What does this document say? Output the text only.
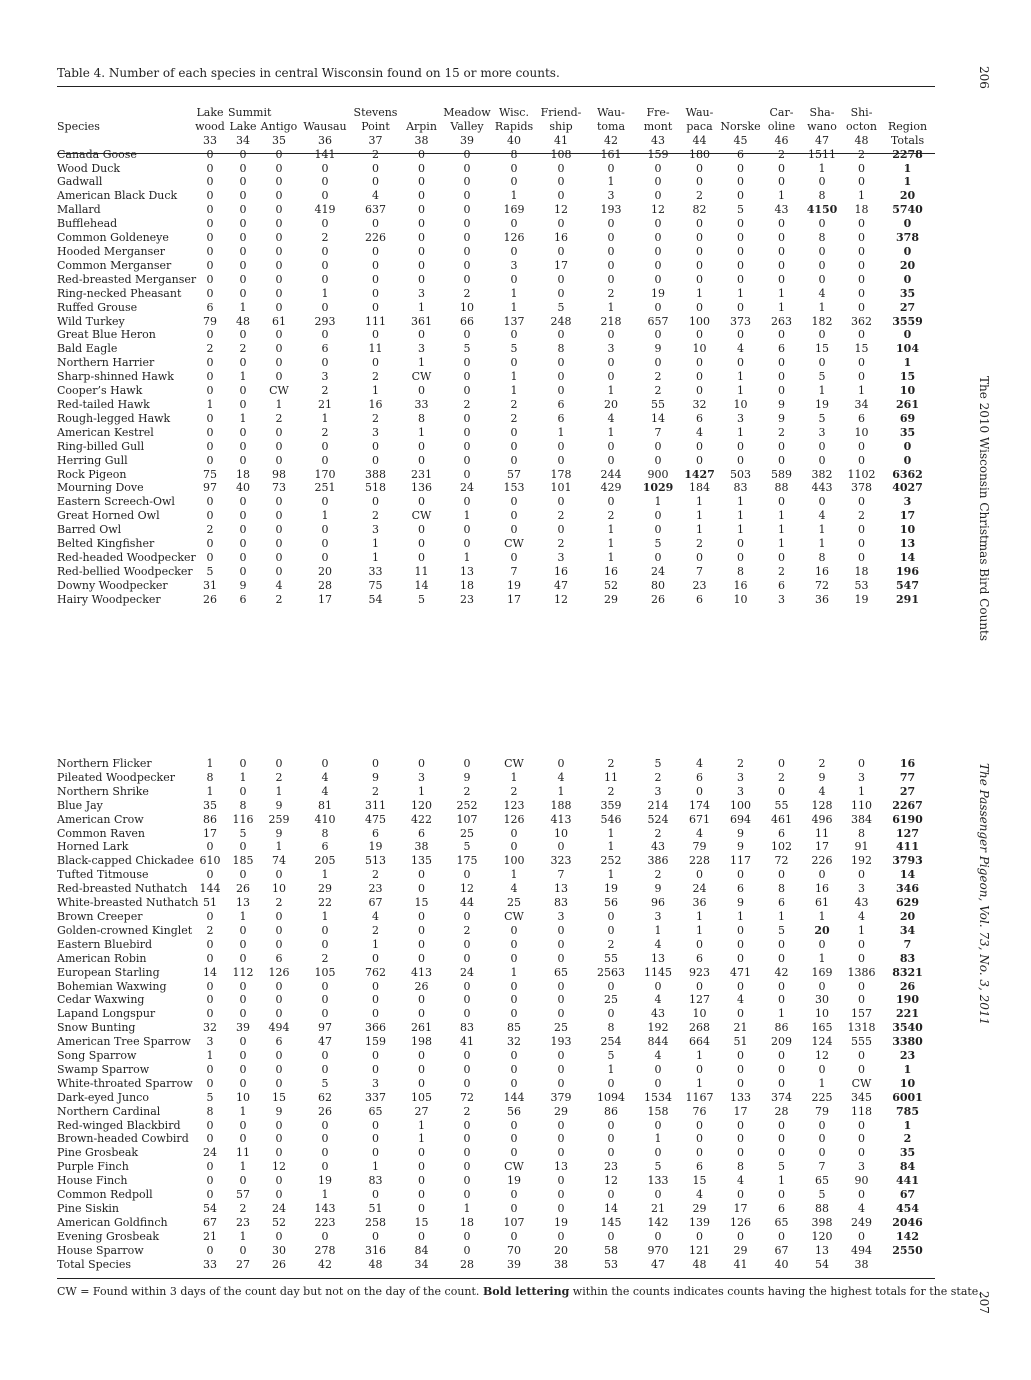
Table 4. Number of each species in central Wisconsin found on 15 or more counts.
	Lake	Summit			Stevens		Meadow	Wisc.	Friend-	Wau-	Fre-	Wau-		Car-	Sha-	Shi-	
Species	wood	Lake	Antigo	Wausau	Point	Arpin	Valley	Rapids	ship	toma	mont	paca	Norske	oline	wano	octon	Region
	33	34	35	36	37	38	39	40	41	42	43	44	45	46	47	48	Totals
Canada Goose	0	0	0	141	2	0	0	8	108	161	159	180	6	2	1511	2	2278
Wood Duck	0	0	0	0	0	0	0	0	0	0	0	0	0	0	1	0	1
Gadwall	0	0	0	0	0	0	0	0	0	1	0	0	0	0	0	0	1
American Black Duck	0	0	0	0	4	0	0	1	0	3	0	2	0	1	8	1	20
Mallard	0	0	0	419	637	0	0	169	12	193	12	82	5	43	4150	18	5740
Bufflehead	0	0	0	0	0	0	0	0	0	0	0	0	0	0	0	0	0
Common Goldeneye	0	0	0	2	226	0	0	126	16	0	0	0	0	0	8	0	378
Hooded Merganser	0	0	0	0	0	0	0	0	0	0	0	0	0	0	0	0	0
Common Merganser	0	0	0	0	0	0	0	3	17	0	0	0	0	0	0	0	20
Red-breasted Merganser	0	0	0	0	0	0	0	0	0	0	0	0	0	0	0	0	0
Ring-necked Pheasant	0	0	0	1	0	3	2	1	0	2	19	1	1	1	4	0	35
Ruffed Grouse	6	1	0	0	0	1	10	1	5	1	0	0	0	1	1	0	27
Wild Turkey	79	48	61	293	111	361	66	137	248	218	657	100	373	263	182	362	3559
Great Blue Heron	0	0	0	0	0	0	0	0	0	0	0	0	0	0	0	0	0
Bald Eagle	2	2	0	6	11	3	5	5	8	3	9	10	4	6	15	15	104
Northern Harrier	0	0	0	0	0	1	0	0	0	0	0	0	0	0	0	0	1
Sharp-shinned Hawk	0	1	0	3	2	CW	0	1	0	0	2	0	1	0	5	0	15
Cooper’s Hawk	0	0	CW	2	1	0	0	1	0	1	2	0	1	0	1	1	10
Red-tailed Hawk	1	0	1	21	16	33	2	2	6	20	55	32	10	9	19	34	261
Rough-legged Hawk	0	1	2	1	2	8	0	2	6	4	14	6	3	9	5	6	69
American Kestrel	0	0	0	2	3	1	0	0	1	1	7	4	1	2	3	10	35
Ring-billed Gull	0	0	0	0	0	0	0	0	0	0	0	0	0	0	0	0	0
Herring Gull	0	0	0	0	0	0	0	0	0	0	0	0	0	0	0	0	0
Rock Pigeon	75	18	98	170	388	231	0	57	178	244	900	1427	503	589	382	1102	6362
Mourning Dove	97	40	73	251	518	136	24	153	101	429	1029	184	83	88	443	378	4027
Eastern Screech-Owl	0	0	0	0	0	0	0	0	0	0	1	1	1	0	0	0	3
Great Horned Owl	0	0	0	1	2	CW	1	0	2	2	0	1	1	1	4	2	17
Barred Owl	2	0	0	0	3	0	0	0	0	1	0	1	1	1	1	0	10
Belted Kingfisher	0	0	0	0	1	0	0	CW	2	1	5	2	0	1	1	0	13
Red-headed Woodpecker	0	0	0	0	1	0	1	0	3	1	0	0	0	0	8	0	14
Red-bellied Woodpecker	5	0	0	20	33	11	13	7	16	16	24	7	8	2	16	18	196
Downy Woodpecker	31	9	4	28	75	14	18	19	47	52	80	23	16	6	72	53	547
Hairy Woodpecker	26	6	2	17	54	5	23	17	12	29	26	6	10	3	36	19	291
Northern Flicker	1	0	0	0	0	0	0	CW	0	2	5	4	2	0	2	0	16
Pileated Woodpecker	8	1	2	4	9	3	9	1	4	11	2	6	3	2	9	3	77
Northern Shrike	1	0	1	4	2	1	2	2	1	2	3	0	3	0	4	1	27
Blue Jay	35	8	9	81	311	120	252	123	188	359	214	174	100	55	128	110	2267
American Crow	86	116	259	410	475	422	107	126	413	546	524	671	694	461	496	384	6190
Common Raven	17	5	9	8	6	6	25	0	10	1	2	4	9	6	11	8	127
Horned Lark	0	0	1	6	19	38	5	0	0	1	43	79	9	102	17	91	411
Black-capped Chickadee	610	185	74	205	513	135	175	100	323	252	386	228	117	72	226	192	3793
Tufted Titmouse	0	0	0	1	2	0	0	1	7	1	2	0	0	0	0	0	14
Red-breasted Nuthatch	144	26	10	29	23	0	12	4	13	19	9	24	6	8	16	3	346
White-breasted Nuthatch	51	13	2	22	67	15	44	25	83	56	96	36	9	6	61	43	629
Brown Creeper	0	1	0	1	4	0	0	CW	3	0	3	1	1	1	1	4	20
Golden-crowned Kinglet	2	0	0	0	2	0	2	0	0	0	1	1	0	5	20	1	34
Eastern Bluebird	0	0	0	0	1	0	0	0	0	2	4	0	0	0	0	0	7
American Robin	0	0	6	2	0	0	0	0	0	55	13	6	0	0	1	0	83
European Starling	14	112	126	105	762	413	24	1	65	2563	1145	923	471	42	169	1386	8321
Bohemian Waxwing	0	0	0	0	0	26	0	0	0	0	0	0	0	0	0	0	26
Cedar Waxwing	0	0	0	0	0	0	0	0	0	25	4	127	4	0	30	0	190
Lapand Longspur	0	0	0	0	0	0	0	0	0	0	43	10	0	1	10	157	221
Snow Bunting	32	39	494	97	366	261	83	85	25	8	192	268	21	86	165	1318	3540
American Tree Sparrow	3	0	6	47	159	198	41	32	193	254	844	664	51	209	124	555	3380
Song Sparrow	1	0	0	0	0	0	0	0	0	5	4	1	0	0	12	0	23
Swamp Sparrow	0	0	0	0	0	0	0	0	0	1	0	0	0	0	0	0	1
White-throated Sparrow	0	0	0	5	3	0	0	0	0	0	0	1	0	0	1	CW	10
Dark-eyed Junco	5	10	15	62	337	105	72	144	379	1094	1534	1167	133	374	225	345	6001
Northern Cardinal	8	1	9	26	65	27	2	56	29	86	158	76	17	28	79	118	785
Red-winged Blackbird	0	0	0	0	0	1	0	0	0	0	0	0	0	0	0	0	1
Brown-headed Cowbird	0	0	0	0	0	1	0	0	0	0	1	0	0	0	0	0	2
Pine Grosbeak	24	11	0	0	0	0	0	0	0	0	0	0	0	0	0	0	35
Purple Finch	0	1	12	0	1	0	0	CW	13	23	5	6	8	5	7	3	84
House Finch	0	0	0	19	83	0	0	19	0	12	133	15	4	1	65	90	441
Common Redpoll	0	57	0	1	0	0	0	0	0	0	0	4	0	0	5	0	67
Pine Siskin	54	2	24	143	51	0	1	0	0	14	21	29	17	6	88	4	454
American Goldfinch	67	23	52	223	258	15	18	107	19	145	142	139	126	65	398	249	2046
Evening Grosbeak	21	1	0	0	0	0	0	0	0	0	0	0	0	0	120	0	142
House Sparrow	0	0	30	278	316	84	0	70	20	58	970	121	29	67	13	494	2550
Total Species	33	27	26	42	48	34	28	39	38	53	47	48	41	40	54	38	
CW = Found within 3 days of the count day but not on the day of the count. Bold lettering within the counts indicates counts having the highest totals for the state.
206
The 2010 Wisconsin Christmas Bird Counts
The Passenger Pigeon, Vol. 73, No. 3, 2011
207
